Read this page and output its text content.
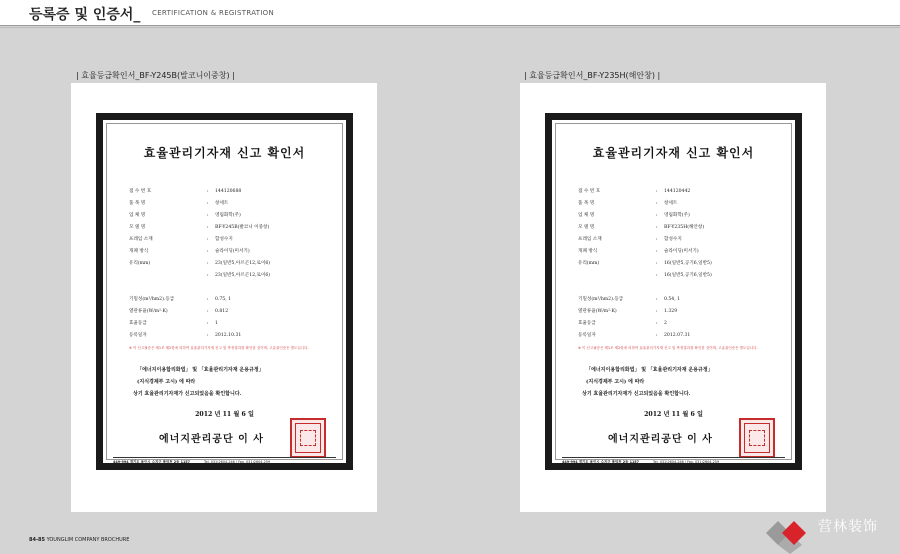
등록증 및 인증서_ CERTIFICATION & REGISTRATION
| 효율등급확인서_BF-Y245B(발코니이중창) |
효율관리기자재 신고 확인서
접 수 번 호	: 144120688
품 목 명	: 창세트
업 체 명	: 영림화학(주)
모 델 명	: BF-Y245B(발코니 이중창)
프레임 소재	: 합성수지
개폐 방식	: 슬라이딩(미서기)
유리(mm)	: 23(일반5,아르곤12,로이6)
: 23(일반5,아르곤12,로이6)
기밀성(m³/hm2).등급	: 0.75, 1
열관류율(W/m²·K)	: 0.812
효율등급	: 1
등록일자	: 2012.10.31
※ 이 신고필증은 제1조 제2항에 의하여 효율관리기자재 신고 및 측정결과를 확인한 것이며, 고효율인증은 별도입니다.
「에너지이용합리화법」 및 「효율관리기자재 운용규정」
(지식경제부 고시) 에 따라
상기 효율관리기자재가 신고되었음을 확인합니다.
2012 년 11 월 6 일
에너지관리공단 이 사
449-994 경기도 용인시 수지구 풍덕천 2동 1157	Tel. 031)2604-246 | Fax. 031)2604-259
| 효율등급확인서_BF-Y235H(해안창) |
효율관리기자재 신고 확인서
접 수 번 호	: 144120442
품 목 명	: 창세트
업 체 명	: 영림화학(주)
모 델 명	: BF-Y235H(해안창)
프레임 소재	: 합성수지
개폐 방식	: 슬라이딩(미서기)
유리(mm)	: 16(일반5,공기6,일반5)
: 16(일반5,공기6,일반5)
기밀성(m³/hm2).등급	: 0.54, 1
열관류율(W/m²·K)	: 1.329
효율등급	: 2
등록일자	: 2012.07.31
※ 이 신고필증은 제1조 제2항에 의하여 효율관리기자재 신고 및 측정결과를 확인한 것이며, 고효율인증은 별도입니다.
「에너지이용합리화법」 및 「효율관리기자재 운용규정」
(지식경제부 고시) 에 따라
상기 효율관리기자재가 신고되었음을 확인합니다.
2012 년 11 월 6 일
에너지관리공단 이 사
449-994 경기도 용인시 수지구 풍덕천 2동 1157	Tel. 031)2604-246 | Fax. 031)2604-259
84-85 YOUNGLIM COMPANY BROCHURE
营林装饰
